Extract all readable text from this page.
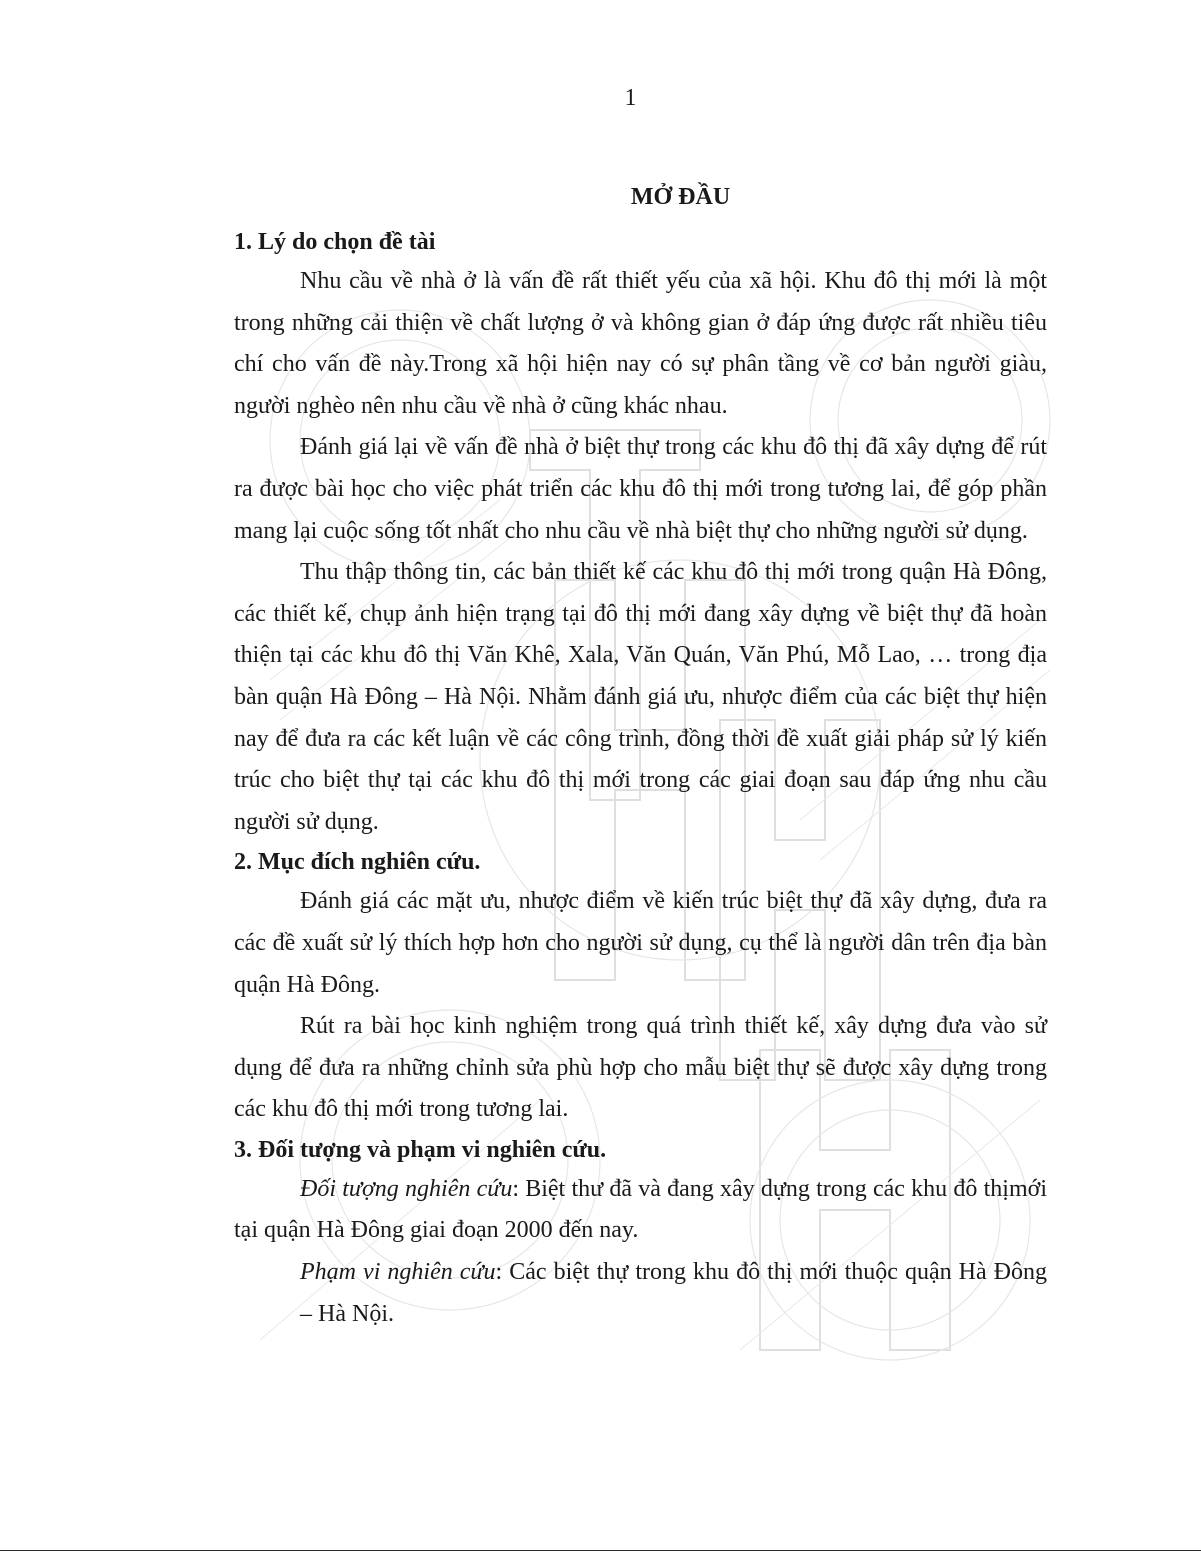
1
MỞ ĐẦU

1. Lý do chọn đề tài

Nhu cầu về nhà ở là vấn đề rất thiết yếu của xã hội. Khu đô thị mới là một trong những cải thiện về chất lượng ở và không gian ở đáp ứng được rất nhiều tiêu chí cho vấn đề này.Trong xã hội hiện nay có sự phân tầng về cơ bản người giàu, người nghèo nên nhu cầu về nhà ở cũng khác nhau.

Đánh giá lại về vấn đề nhà ở biệt thự trong các khu đô thị đã xây dựng để rút ra được bài học cho việc phát triển các khu đô thị mới trong tương lai, để góp phần mang lại cuộc sống tốt nhất cho nhu cầu về nhà biệt thự cho những người sử dụng.

Thu thập thông tin, các bản thiết kế các khu đô thị mới trong quận Hà Đông, các thiết kế, chụp ảnh hiện trạng tại đô thị mới đang xây dựng về biệt thự đã hoàn thiện tại các khu đô thị Văn Khê, Xala, Văn Quán, Văn Phú, Mỗ Lao, … trong địa bàn quận Hà Đông – Hà Nội. Nhằm đánh giá ưu, nhược điểm của các biệt thự hiện nay để đưa ra các kết luận về các công trình, đồng thời đề xuất giải pháp sử lý kiến trúc cho biệt thự tại các khu đô thị mới trong các giai đoạn sau đáp ứng nhu cầu người sử dụng.

2. Mục đích nghiên cứu.

Đánh giá các mặt ưu, nhược điểm về kiến trúc biệt thự đã xây dựng, đưa ra các đề xuất sử lý thích hợp hơn cho người sử dụng, cụ thể là người dân trên địa bàn quận Hà Đông.

Rút ra bài học kinh nghiệm trong quá trình thiết kế, xây dựng đưa vào sử dụng để đưa ra những chỉnh sửa phù hợp cho mẫu biệt thự sẽ được xây dựng trong các khu đô thị mới trong tương lai.

3. Đối tượng và phạm vi nghiên cứu.

Đối tượng nghiên cứu: Biệt thư đã và đang xây dựng trong các khu đô thịmới tại quận Hà Đông giai đoạn 2000 đến nay.

Phạm vi nghiên cứu: Các biệt thự trong khu đô thị mới thuộc quận Hà Đông – Hà Nội.
